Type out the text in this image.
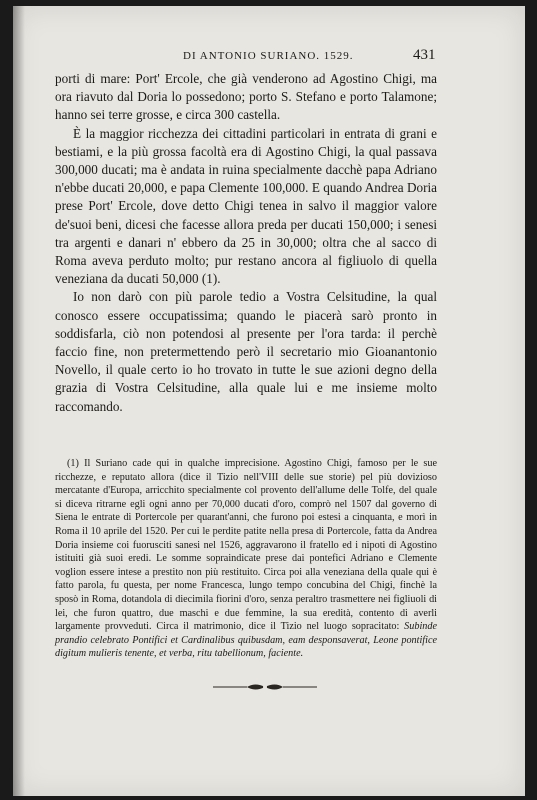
DI ANTONIO SURIANO. 1529.	431

porti di mare: Port' Ercole, che già venderono ad Agostino Chigi, ma ora riavuto dal Doria lo possedono; porto S. Stefano e porto Talamone; hanno sei terre grosse, e circa 300 castella.

È la maggior ricchezza dei cittadini particolari in entrata di grani e bestiami, e la più grossa facoltà era di Agostino Chigi, la qual passava 300,000 ducati; ma è andata in ruina specialmente dacchè papa Adriano n'ebbe ducati 20,000, e papa Clemente 100,000. E quando Andrea Doria prese Port' Ercole, dove detto Chigi tenea in salvo il maggior valore de'suoi beni, dicesi che facesse allora preda per ducati 150,000; i senesi tra argenti e danari n' ebbero da 25 in 30,000; oltra che al sacco di Roma aveva perduto molto; pur restano ancora al figliuolo di quella veneziana da ducati 50,000 (1).

Io non darò con più parole tedio a Vostra Celsitudine, la qual conosco essere occupatissima; quando le piacerà sarò pronto in soddisfarla, ciò non potendosi al presente per l'ora tarda: il perchè faccio fine, non pretermettendo però il secretario mio Gioanantonio Novello, il quale certo io ho trovato in tutte le sue azioni degno della grazia di Vostra Celsitudine, alla quale lui e me insieme molto raccomando.

(1) Il Suriano cade qui in qualche imprecisione. Agostino Chigi, famoso per le sue ricchezze, e reputato allora (dice il Tizio nell'VIII delle sue storie) pel più dovizioso mercatante d'Europa, arricchito specialmente col provento dell'allume delle Tolfe, del quale si diceva ritrarne egli ogni anno per 70,000 ducati d'oro, comprò nel 1507 dal governo di Siena le entrate di Portercole per quarant'anni, che furono poi estesi a cinquanta, e morì in Roma il 10 aprile del 1520. Per cui le perdite patite nella presa di Portercole, fatta da Andrea Doria insieme coi fuorusciti sanesi nel 1526, aggravarono il fratello ed i nipoti di Agostino istituiti già suoi eredi. Le somme sopraindicate prese dai pontefici Adriano e Clemente voglion essere intese a prestito non più restituito. Circa poi alla veneziana della quale qui è fatto parola, fu questa, per nome Francesca, lungo tempo concubina del Chigi, finchè la sposò in Roma, dotandola di diecimila fiorini d'oro, senza peraltro trasmettere nei figliuoli di lei, che furon quattro, due maschi e due femmine, la sua eredità, contento di averli largamente provveduti. Circa il matrimonio, dice il Tizio nel luogo sopracitato: Subinde prandio celebrato Pontifici et Cardinalibus quibusdam, eam desponsaverat, Leone pontifice digitum mulieris tenente, et verba, ritu tabellionum, faciente.
